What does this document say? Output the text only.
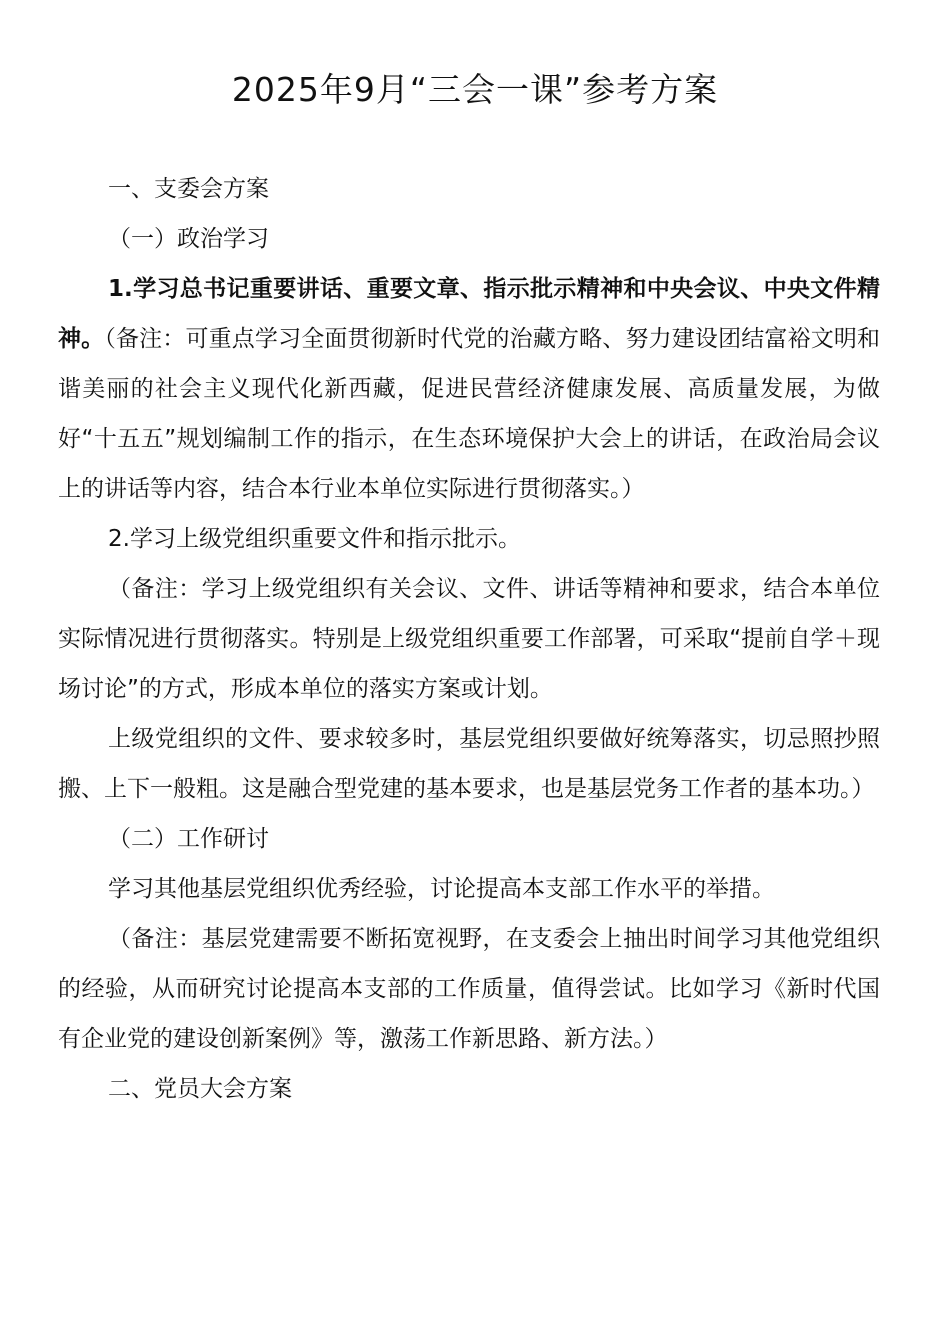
2025年9月“三会一课”参考方案

一、支委会方案

（一）政治学习

1.学习总书记重要讲话、重要文章、指示批示精神和中央会议、中央文件精神。（备注：可重点学习全面贯彻新时代党的治藏方略、努力建设团结富裕文明和谐美丽的社会主义现代化新西藏，促进民营经济健康发展、高质量发展，为做好“十五五”规划编制工作的指示，在生态环境保护大会上的讲话，在政治局会议上的讲话等内容，结合本行业本单位实际进行贯彻落实。）

2.学习上级党组织重要文件和指示批示。

（备注：学习上级党组织有关会议、文件、讲话等精神和要求，结合本单位实际情况进行贯彻落实。特别是上级党组织重要工作部署，可采取“提前自学＋现场讨论”的方式，形成本单位的落实方案或计划。

上级党组织的文件、要求较多时，基层党组织要做好统筹落实，切忌照抄照搬、上下一般粗。这是融合型党建的基本要求，也是基层党务工作者的基本功。）

（二）工作研讨

学习其他基层党组织优秀经验，讨论提高本支部工作水平的举措。

（备注：基层党建需要不断拓宽视野，在支委会上抽出时间学习其他党组织的经验，从而研究讨论提高本支部的工作质量，值得尝试。比如学习《新时代国有企业党的建设创新案例》等，激荡工作新思路、新方法。）

二、党员大会方案
